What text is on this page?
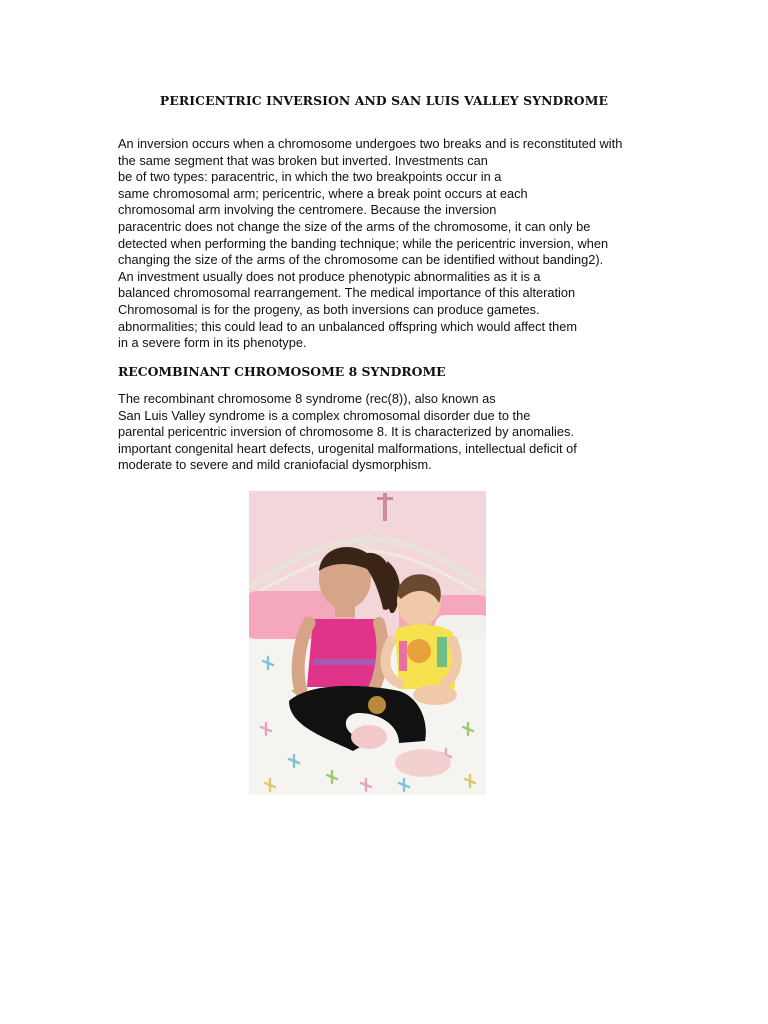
PERICENTRIC INVERSION AND SAN LUIS VALLEY SYNDROME
An inversion occurs when a chromosome undergoes two breaks and is reconstituted with
the same segment that was broken but inverted. Investments can
be of two types: paracentric, in which the two breakpoints occur in a
same chromosomal arm; pericentric, where a break point occurs at each
chromosomal arm involving the centromere. Because the inversion
paracentric does not change the size of the arms of the chromosome, it can only be
detected when performing the banding technique; while the pericentric inversion, when
changing the size of the arms of the chromosome can be identified without banding2).
An investment usually does not produce phenotypic abnormalities as it is a
balanced chromosomal rearrangement. The medical importance of this alteration
Chromosomal is for the progeny, as both inversions can produce gametes.
abnormalities; this could lead to an unbalanced offspring which would affect them
in a severe form in its phenotype.
RECOMBINANT CHROMOSOME 8 SYNDROME
The recombinant chromosome 8 syndrome (rec(8)), also known as
San Luis Valley syndrome is a complex chromosomal disorder due to the
parental pericentric inversion of chromosome 8. It is characterized by anomalies.
important congenital heart defects, urogenital malformations, intellectual deficit of
moderate to severe and mild craniofacial dysmorphism.
